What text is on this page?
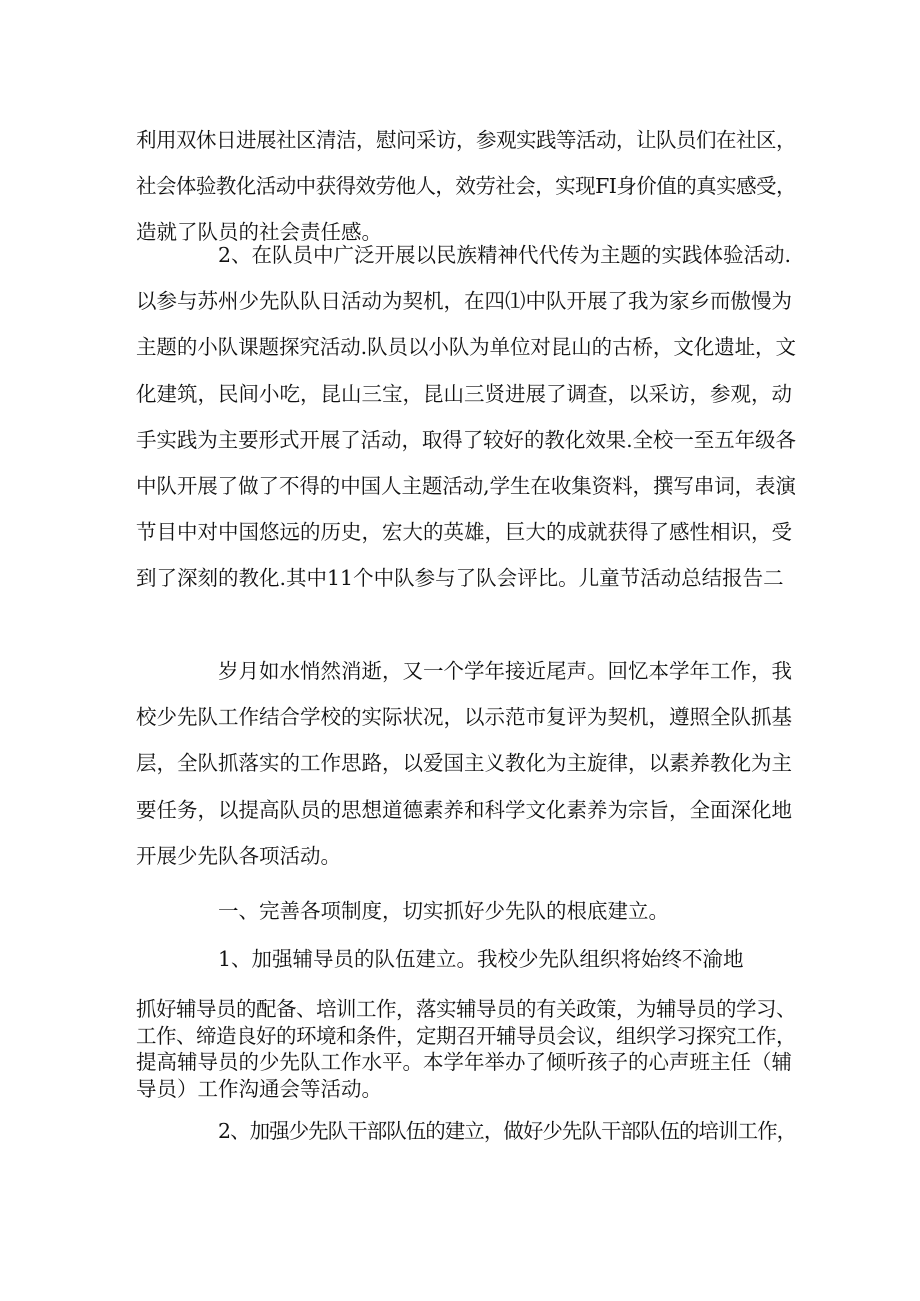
利用双休日进展社区清洁，慰问采访，参观实践等活动，让队员们在社区，
社会体验教化活动中获得效劳他人，效劳社会，实现FI身价值的真实感受，
造就了队员的社会责任感。
2、在队员中广泛开展以民族精神代代传为主题的实践体验活动.
以参与苏州少先队队日活动为契机，在四⑴中队开展了我为家乡而傲慢为
主题的小队课题探究活动.队员以小队为单位对昆山的古桥，文化遗址，文
化建筑，民间小吃，昆山三宝，昆山三贤进展了调查，以采访，参观，动
手实践为主要形式开展了活动，取得了较好的教化效果.全校一至五年级各
中队开展了做了不得的中国人主题活动,学生在收集资料，撰写串词，表演
节目中对中国悠远的历史，宏大的英雄，巨大的成就获得了感性相识，受
到了深刻的教化.其中11个中队参与了队会评比。儿童节活动总结报告二
岁月如水悄然消逝，又一个学年接近尾声。回忆本学年工作，我
校少先队工作结合学校的实际状况，以示范市复评为契机，遵照全队抓基
层，全队抓落实的工作思路，以爱国主义教化为主旋律，以素养教化为主
要任务，以提高队员的思想道德素养和科学文化素养为宗旨，全面深化地
开展少先队各项活动。
一、完善各项制度，切实抓好少先队的根底建立。
1、加强辅导员的队伍建立。我校少先队组织将始终不渝地
抓好辅导员的配备、培训工作，落实辅导员的有关政策，为辅导员的学习、
工作、缔造良好的环境和条件，定期召开辅导员会议，组织学习探究工作，
提高辅导员的少先队工作水平。本学年举办了倾听孩子的心声班主任（辅
导员）工作沟通会等活动。
2、加强少先队干部队伍的建立，做好少先队干部队伍的培训工作，
